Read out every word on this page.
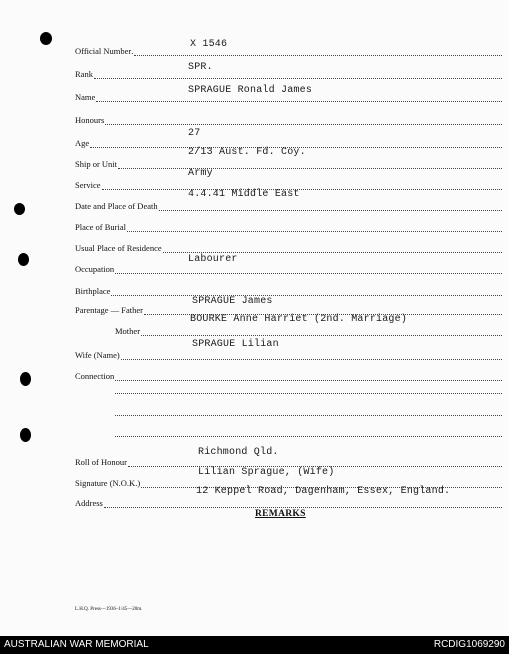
Official Number .
X 1546
Rank
SPR.
Name
SPRAGUE Ronald James
Honours
Age
27
Ship or Unit
2/13 Aust. Fd. Coy.
Service
Army
Date and Place of Death
4.4.41 Middle East
Place of Burial
Usual Place of Residence
Occupation
Labourer
Birthplace
Parentage — Father
SPRAGUE James
Mother
BOURKE Anne Harriet (2nd. Marriage)
Wife (Name)
SPRAGUE Lilian
Connection
Roll of Honour
Richmond Qld.
Signature (N.O.K.)
Lilian Sprague, (Wife)
Address
12 Keppel Road, Dagenham, Essex, England.
REMARKS
L.H.Q. Press—1936–1/45—20m.
AUSTRALIAN WAR MEMORIAL	RCDIG1069290
